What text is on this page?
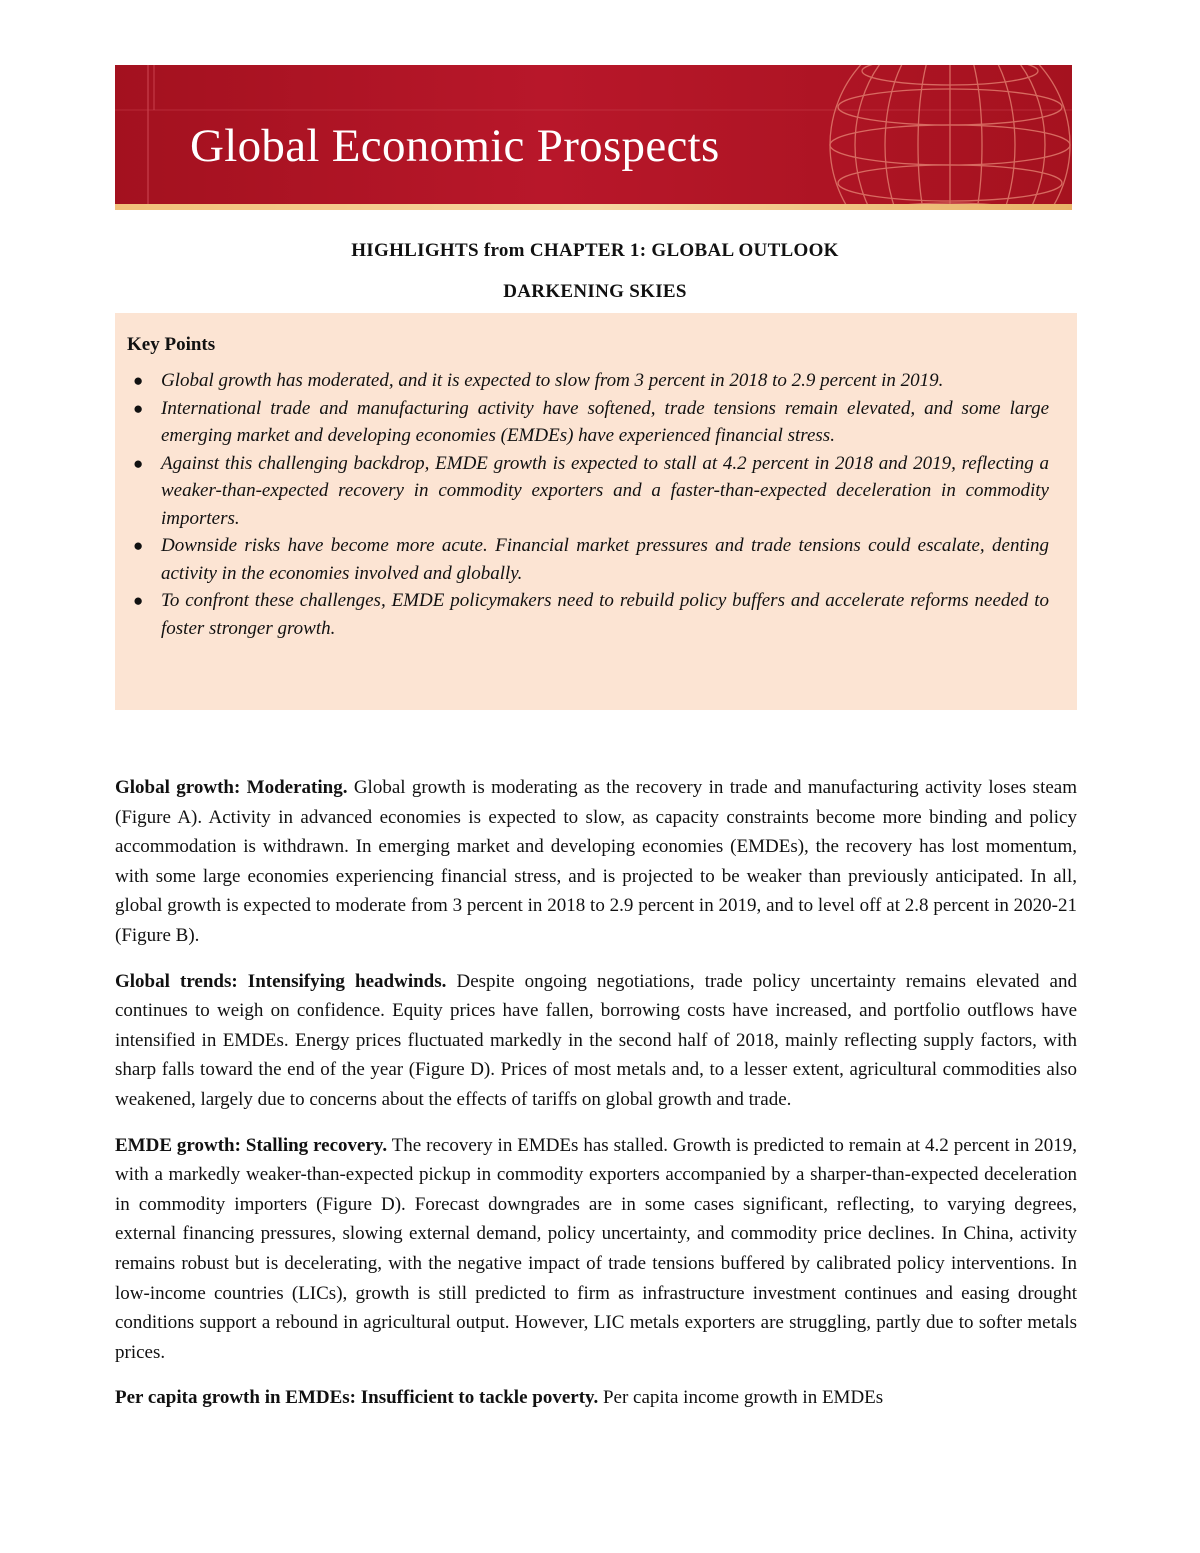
Global Economic Prospects
HIGHLIGHTS from CHAPTER 1: GLOBAL OUTLOOK
DARKENING SKIES
Key Points
● Global growth has moderated, and it is expected to slow from 3 percent in 2018 to 2.9 percent in 2019.
● International trade and manufacturing activity have softened, trade tensions remain elevated, and some large emerging market and developing economies (EMDEs) have experienced financial stress.
● Against this challenging backdrop, EMDE growth is expected to stall at 4.2 percent in 2018 and 2019, reflecting a weaker-than-expected recovery in commodity exporters and a faster-than-expected deceleration in commodity importers.
● Downside risks have become more acute. Financial market pressures and trade tensions could escalate, denting activity in the economies involved and globally.
● To confront these challenges, EMDE policymakers need to rebuild policy buffers and accelerate reforms needed to foster stronger growth.

Global growth: Moderating. Global growth is moderating as the recovery in trade and manufacturing activity loses steam (Figure A). Activity in advanced economies is expected to slow, as capacity constraints become more binding and policy accommodation is withdrawn. In emerging market and developing economies (EMDEs), the recovery has lost momentum, with some large economies experiencing financial stress, and is projected to be weaker than previously anticipated. In all, global growth is expected to moderate from 3 percent in 2018 to 2.9 percent in 2019, and to level off at 2.8 percent in 2020-21 (Figure B).

Global trends: Intensifying headwinds. Despite ongoing negotiations, trade policy uncertainty remains elevated and continues to weigh on confidence. Equity prices have fallen, borrowing costs have increased, and portfolio outflows have intensified in EMDEs. Energy prices fluctuated markedly in the second half of 2018, mainly reflecting supply factors, with sharp falls toward the end of the year (Figure D). Prices of most metals and, to a lesser extent, agricultural commodities also weakened, largely due to concerns about the effects of tariffs on global growth and trade.

EMDE growth: Stalling recovery. The recovery in EMDEs has stalled. Growth is predicted to remain at 4.2 percent in 2019, with a markedly weaker-than-expected pickup in commodity exporters accompanied by a sharper-than-expected deceleration in commodity importers (Figure D). Forecast downgrades are in some cases significant, reflecting, to varying degrees, external financing pressures, slowing external demand, policy uncertainty, and commodity price declines. In China, activity remains robust but is decelerating, with the negative impact of trade tensions buffered by calibrated policy interventions. In low-income countries (LICs), growth is still predicted to firm as infrastructure investment continues and easing drought conditions support a rebound in agricultural output. However, LIC metals exporters are struggling, partly due to softer metals prices.

Per capita growth in EMDEs: Insufficient to tackle poverty. Per capita income growth in EMDEs
